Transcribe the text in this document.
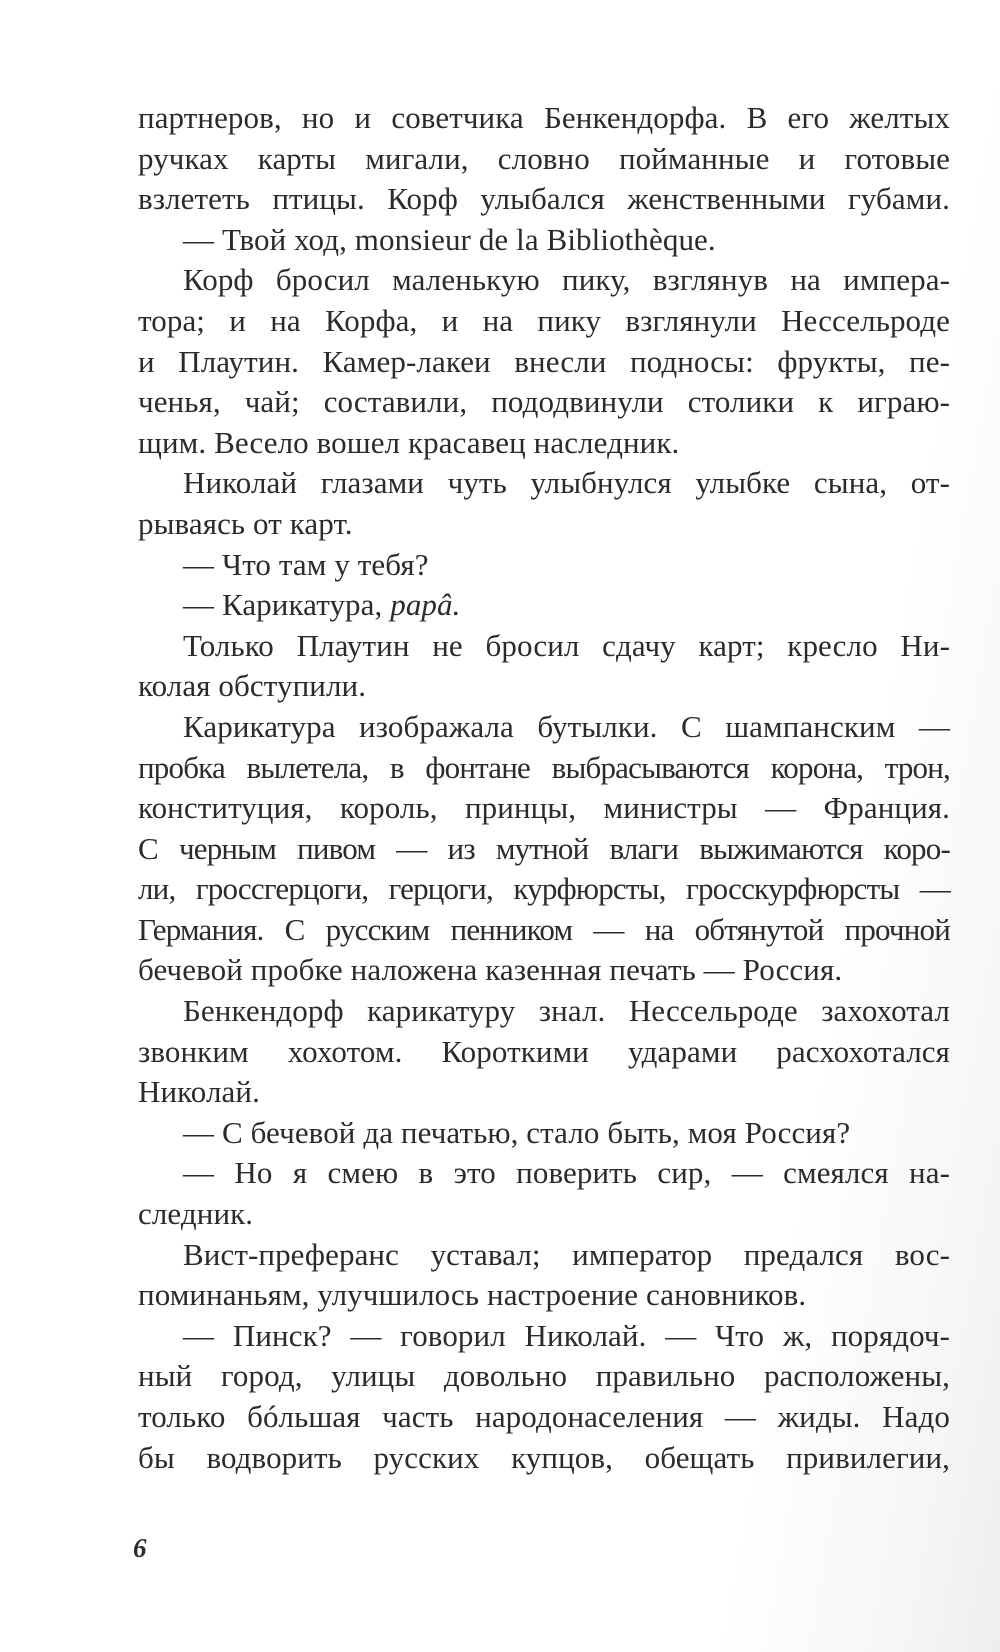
партнеров, но и советчика Бенкендорфа. В его желтых
ручках карты мигали, словно пойманные и готовые
взлететь птицы. Корф улыбался женственными губами.
— Твой ход, monsieur de la Bibliothèque.
Корф бросил маленькую пику, взглянув на импера-
тора; и на Корфа, и на пику взглянули Нессельроде
и Плаутин. Камер-лакеи внесли подносы: фрукты, пе-
ченья, чай; составили, пододвинули столики к играю-
щим. Весело вошел красавец наследник.
Николай глазами чуть улыбнулся улыбке сына, от-
рываясь от карт.
— Что там у тебя?
— Карикатура, papâ.
Только Плаутин не бросил сдачу карт; кресло Ни-
колая обступили.
Карикатура изображала бутылки. С шампанским —
пробка вылетела, в фонтане выбрасываются корона, трон,
конституция, король, принцы, министры — Франция.
С черным пивом — из мутной влаги выжимаются коро-
ли, гроссгерцоги, герцоги, курфюрсты, гросскурфюрсты —
Германия. С русским пенником — на обтянутой прочной
бечевой пробке наложена казенная печать — Россия.
Бенкендорф карикатуру знал. Нессельроде захохотал
звонким хохотом. Короткими ударами расхохотался
Николай.
— С бечевой да печатью, стало быть, моя Россия?
— Но я смею в это поверить сир, — смеялся на-
следник.
Вист-преферанс уставал; император предался вос-
поминаньям, улучшилось настроение сановников.
— Пинск? — говорил Николай. — Что ж, порядоч-
ный город, улицы довольно правильно расположены,
только бóльшая часть народонаселения — жиды. Надо
бы водворить русских купцов, обещать привилегии,
6
